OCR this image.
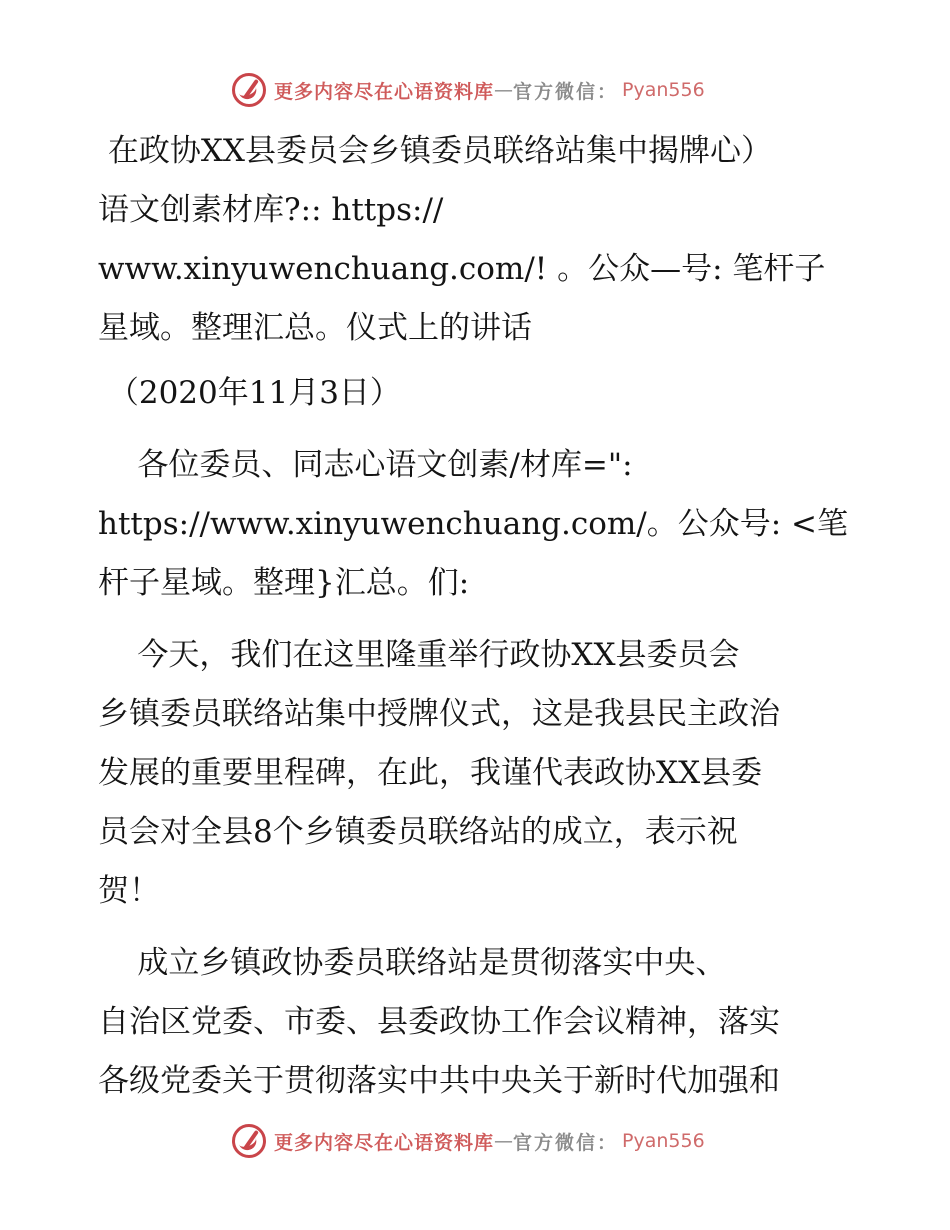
更多内容尽在心语资料库 — 官方微信： Pyan556

在政协XX县委员会乡镇委员联络站集中揭牌心）

语文创素材库?:: https://

www.xinyuwenchuang.com/! 。公众—号: 笔杆子

星域。整理汇总。仪式上的讲话

（2020年11月3日）

各位委员、同志心语文创素/材库=":

https://www.xinyuwenchuang.com/。公众号: <笔

杆子星域。整理}汇总。们:

今天，我们在这里隆重举行政协XX县委员会

乡镇委员联络站集中授牌仪式，这是我县民主政治

发展的重要里程碑，在此，我谨代表政协XX县委

员会对全县8个乡镇委员联络站的成立，表示祝

贺！

成立乡镇政协委员联络站是贯彻落实中央、

自治区党委、市委、县委政协工作会议精神，落实

各级党委关于贯彻落实中共中央关于新时代加强和

更多内容尽在心语资料库 — 官方微信： Pyan556
